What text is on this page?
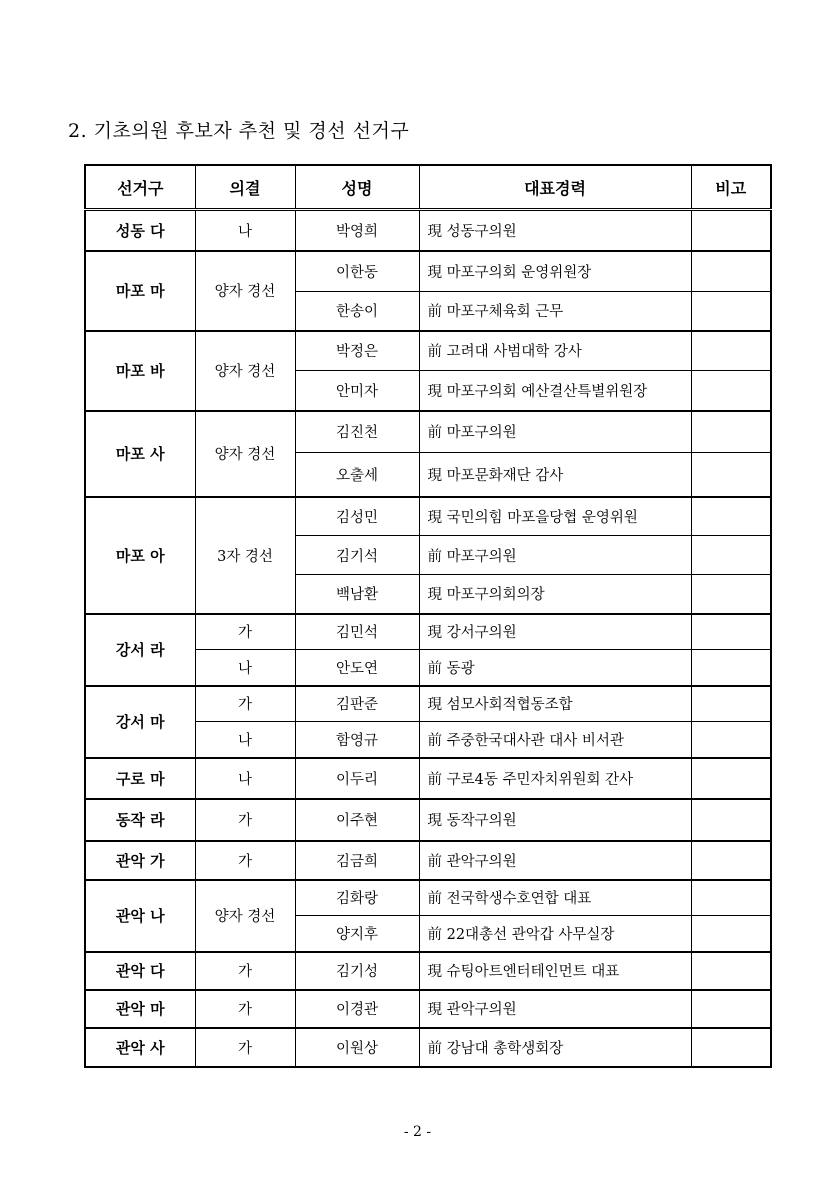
2. 기초의원 후보자 추천 및 경선 선거구
선거구	의결	성명	대표경력	비고
성동 다	나	박영희	現 성동구의원	
마포 마	양자 경선	이한동	現 마포구의회 운영위원장	
		한송이	前 마포구체육회 근무	
마포 바	양자 경선	박정은	前 고려대 사범대학 강사	
		안미자	現 마포구의회 예산결산특별위원장	
마포 사	양자 경선	김진천	前 마포구의원	
		오출세	現 마포문화재단 감사	
마포 아	3자 경선	김성민	現 국민의힘 마포을당협 운영위원	
		김기석	前 마포구의원	
		백남환	現 마포구의회의장	
강서 라	가	김민석	現 강서구의원	
	나	안도연	前 동광	
강서 마	가	김판준	現 섬모사회적협동조합	
	나	함영규	前 주중한국대사관 대사 비서관	
구로 마	나	이두리	前 구로4동 주민자치위원회 간사	
동작 라	가	이주현	現 동작구의원	
관악 가	가	김금희	前 관악구의원	
관악 나	양자 경선	김화랑	前 전국학생수호연합 대표	
		양지후	前 22대총선 관악갑 사무실장	
관악 다	가	김기성	現 슈팅아트엔터테인먼트 대표	
관악 마	가	이경관	現 관악구의원	
관악 사	가	이원상	前 강남대 총학생회장	
- 2 -
